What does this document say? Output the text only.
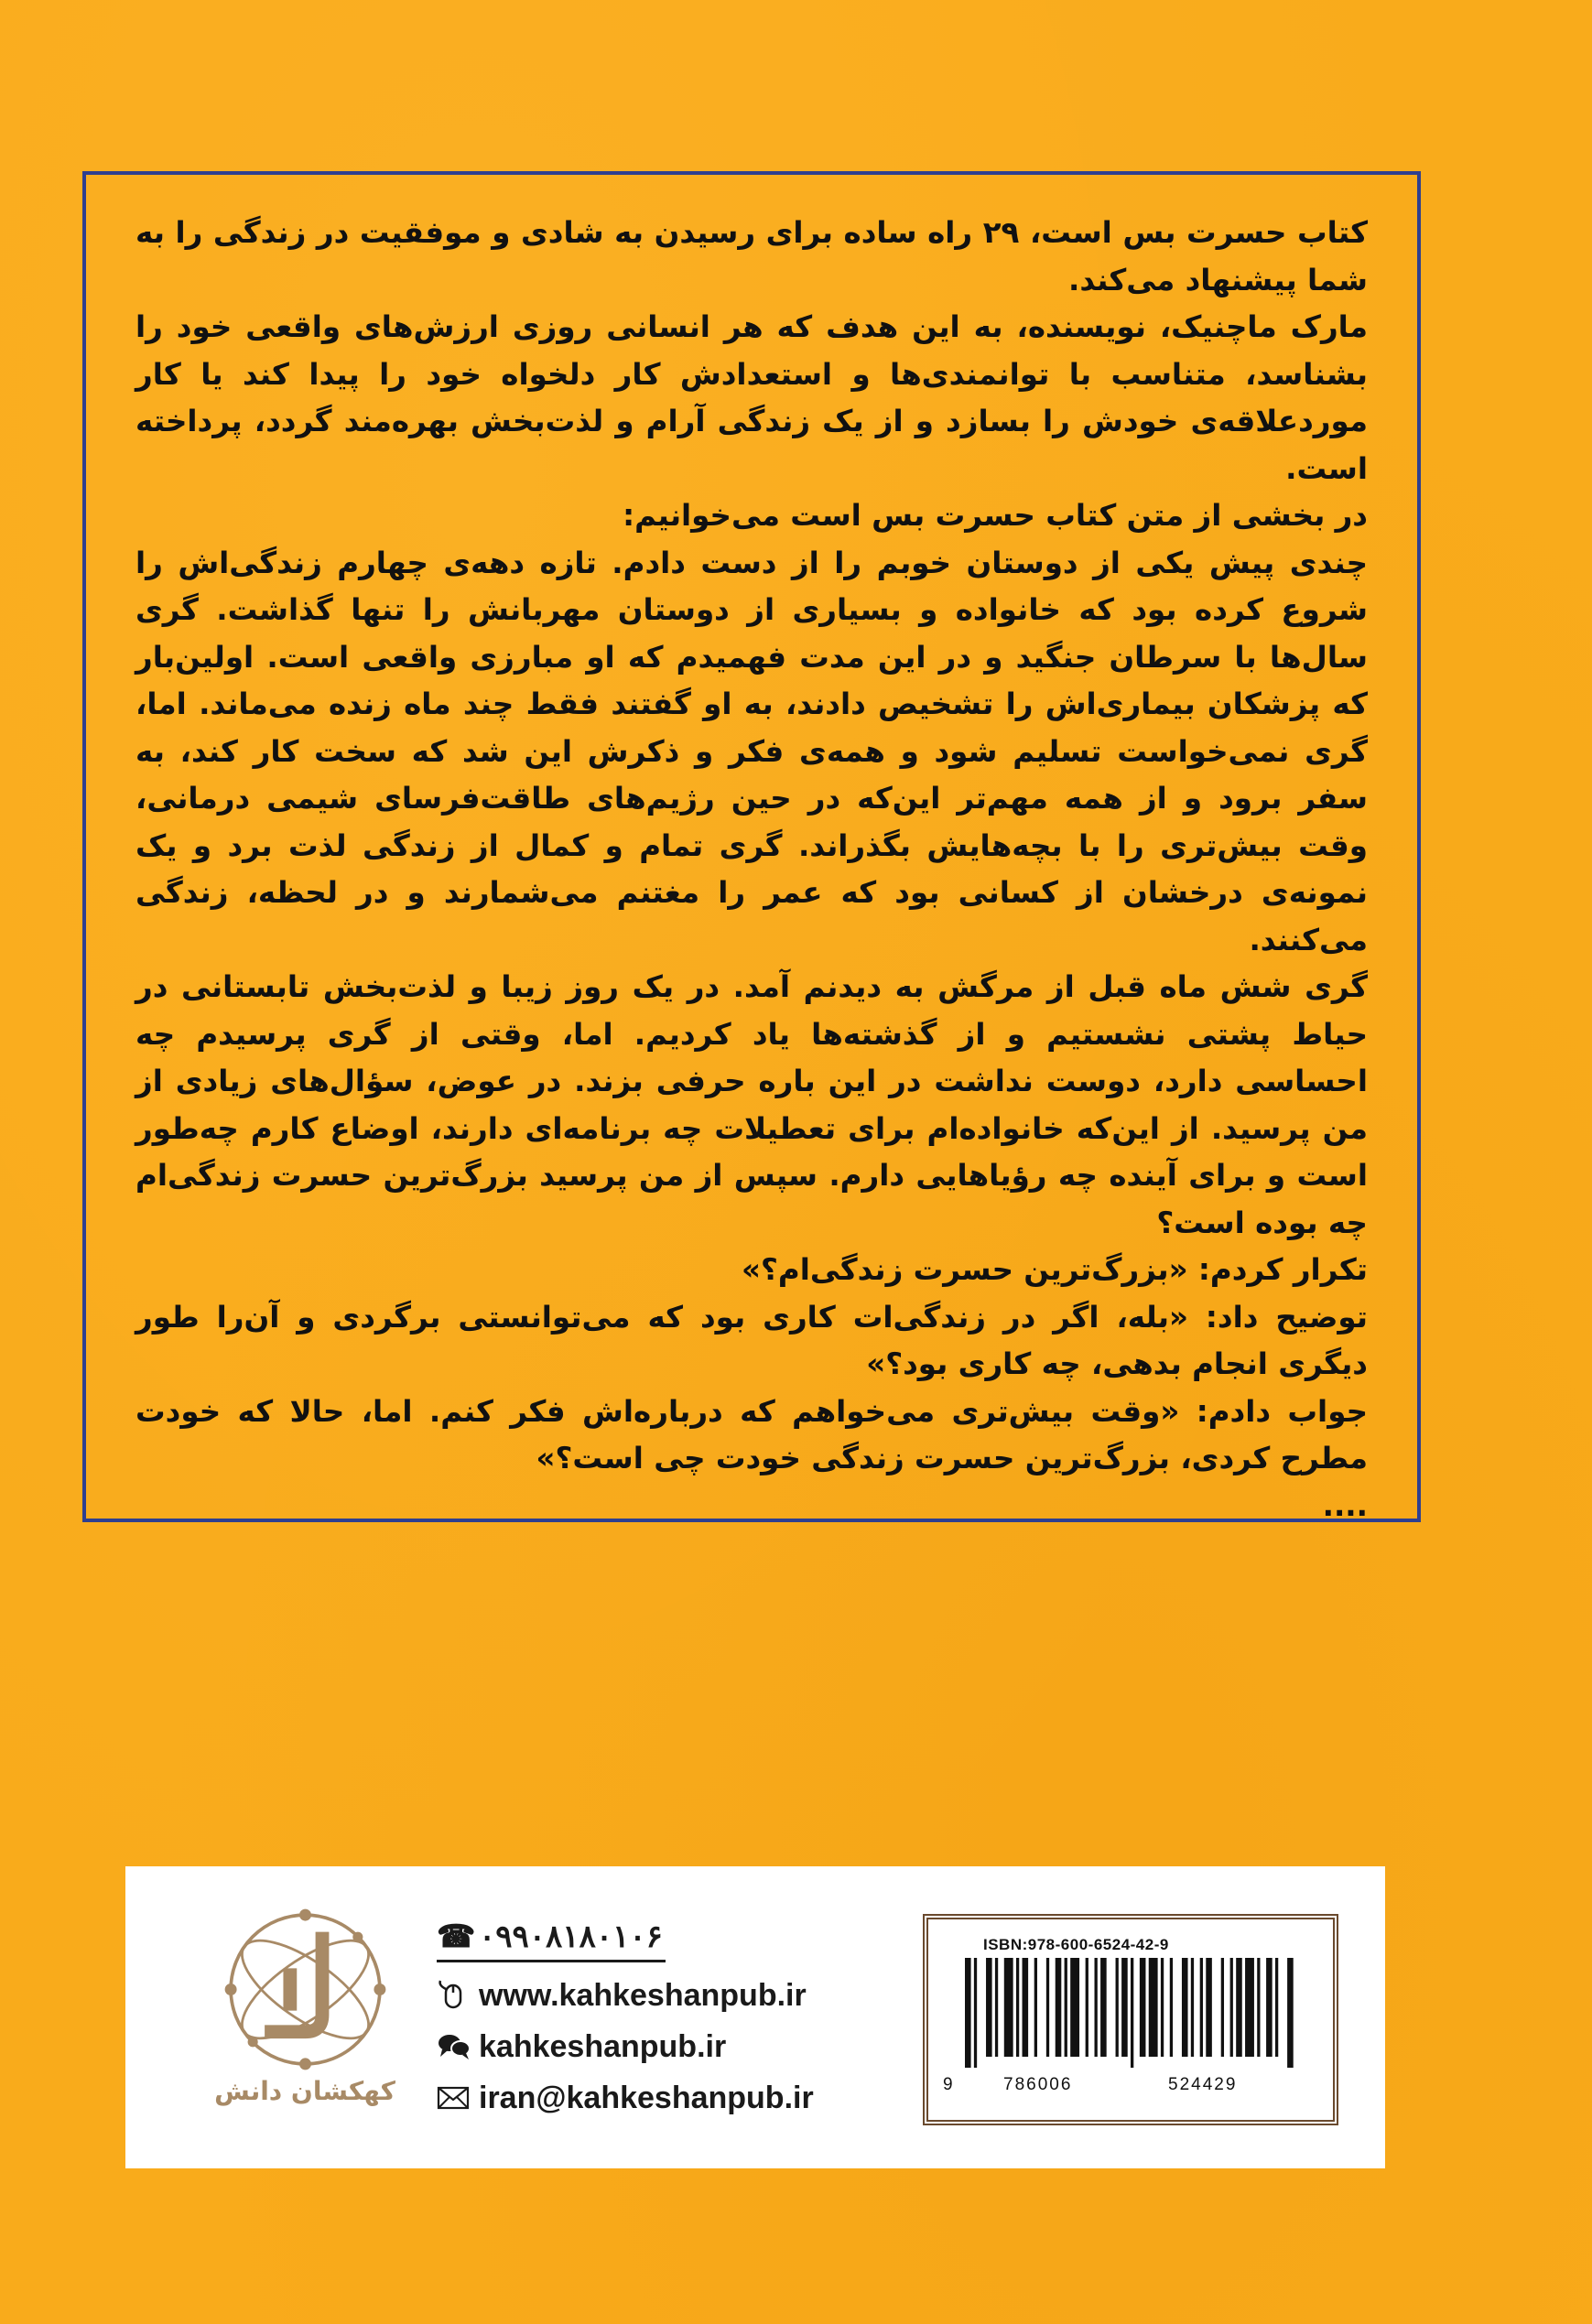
کتاب حسرت بس است، ۲۹ راه ساده برای رسیدن به شادی و موفقیت در زندگی را به شما پیشنهاد می‌کند.

مارک ماچنیک، نویسنده، به این هدف که هر انسانی روزی ارزش‌های واقعی خود را بشناسد، متناسب با توانمندی‌ها و استعدادش کار دلخواه خود را پیدا کند یا کار موردعلاقه‌ی خودش را بسازد و از یک زندگی آرام و لذت‌بخش بهره‌مند گردد، پرداخته است.

در بخشی از متن کتاب حسرت بس است می‌خوانیم:

چندی پیش یکی از دوستان خوبم را از دست دادم. تازه دهه‌ی چهارم زندگی‌اش را شروع کرده بود که خانواده و بسیاری از دوستان مهربانش را تنها گذاشت. گری سال‌ها با سرطان جنگید و در این مدت فهمیدم که او مبارزی واقعی است. اولین‌بار که پزشکان بیماری‌اش را تشخیص دادند، به او گفتند فقط چند ماه زنده می‌ماند. اما، گری نمی‌خواست تسلیم شود و همه‌ی فکر و ذکرش این شد که سخت کار کند، به سفر برود و از همه مهم‌تر این‌که در حین رژیم‌های طاقت‌فرسای شیمی درمانی، وقت بیش‌تری را با بچه‌هایش بگذراند. گری تمام و کمال از زندگی لذت برد و یک نمونه‌ی درخشان از کسانی بود که عمر را مغتنم می‌شمارند و در لحظه، زندگی می‌کنند.

گری شش ماه قبل از مرگش به دیدنم آمد. در یک روز زیبا و لذت‌بخش تابستانی در حیاط پشتی نشستیم و از گذشته‌ها یاد کردیم. اما، وقتی از گری پرسیدم چه احساسی دارد، دوست نداشت در این باره حرفی بزند. در عوض، سؤال‌های زیادی از من پرسید. از این‌که خانواده‌ام برای تعطیلات چه برنامه‌ای دارند، اوضاع کارم چه‌طور است و برای آینده چه رؤیاهایی دارم. سپس از من پرسید بزرگ‌ترین حسرت زندگی‌ام چه بوده است؟

تکرار کردم: «بزرگ‌ترین حسرت زندگی‌ام؟»

توضیح داد: «بله، اگر در زندگی‌ات کاری بود که می‌توانستی برگردی و آن‌را طور دیگری انجام بدهی، چه کاری بود؟»

جواب دادم: «وقت بیش‌تری می‌خواهم که درباره‌اش فکر کنم. اما، حالا که خودت مطرح کردی، بزرگ‌ترین حسرت زندگی خودت چی است؟»

....

کهکشان دانش
☎ ۰۹۹۰۸۱۸۰۱۰۶
www.kahkeshanpub.ir
kahkeshanpub.ir
iran@kahkeshanpub.ir
ISBN:978-600-6524-42-9
9	786006	524429
